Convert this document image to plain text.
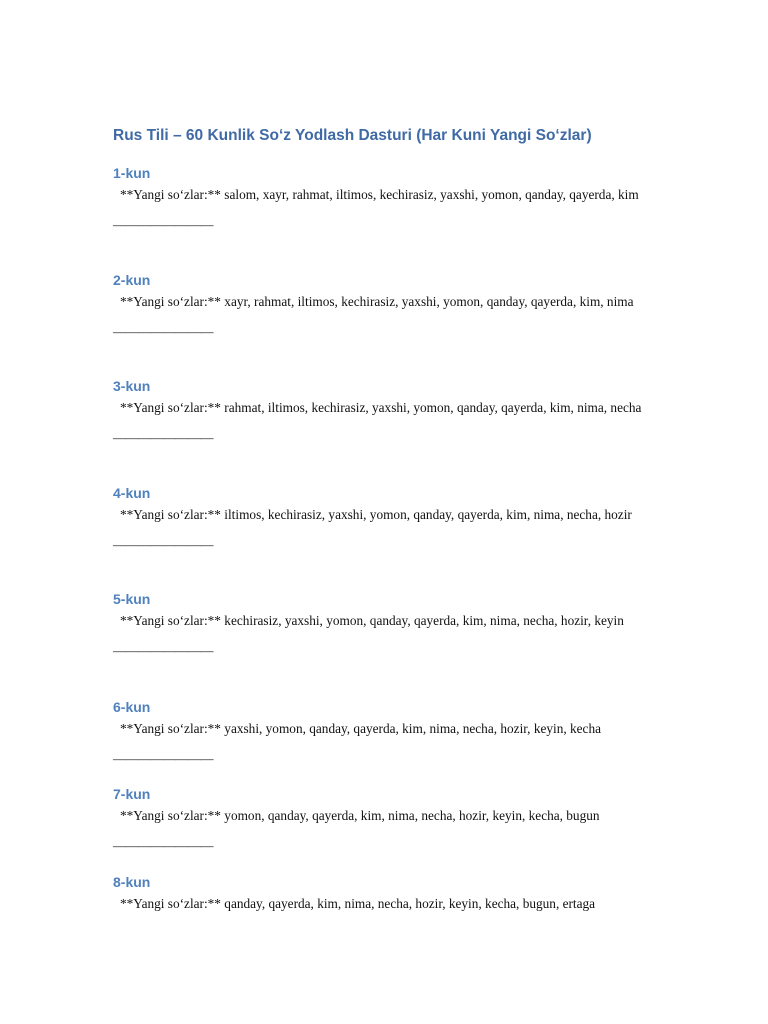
Rus Tili – 60 Kunlik So‘z Yodlash Dasturi (Har Kuni Yangi So‘zlar)
1-kun
**Yangi so‘zlar:** salom, xayr, rahmat, iltimos, kechirasiz, yaxshi, yomon, qanday, qayerda, kim
————————
2-kun
**Yangi so‘zlar:** xayr, rahmat, iltimos, kechirasiz, yaxshi, yomon, qanday, qayerda, kim, nima
————————
3-kun
**Yangi so‘zlar:** rahmat, iltimos, kechirasiz, yaxshi, yomon, qanday, qayerda, kim, nima, necha
————————
4-kun
**Yangi so‘zlar:** iltimos, kechirasiz, yaxshi, yomon, qanday, qayerda, kim, nima, necha, hozir
————————
5-kun
**Yangi so‘zlar:** kechirasiz, yaxshi, yomon, qanday, qayerda, kim, nima, necha, hozir, keyin
————————
6-kun
**Yangi so‘zlar:** yaxshi, yomon, qanday, qayerda, kim, nima, necha, hozir, keyin, kecha
————————
7-kun
**Yangi so‘zlar:** yomon, qanday, qayerda, kim, nima, necha, hozir, keyin, kecha, bugun
————————
8-kun
**Yangi so‘zlar:** qanday, qayerda, kim, nima, necha, hozir, keyin, kecha, bugun, ertaga
